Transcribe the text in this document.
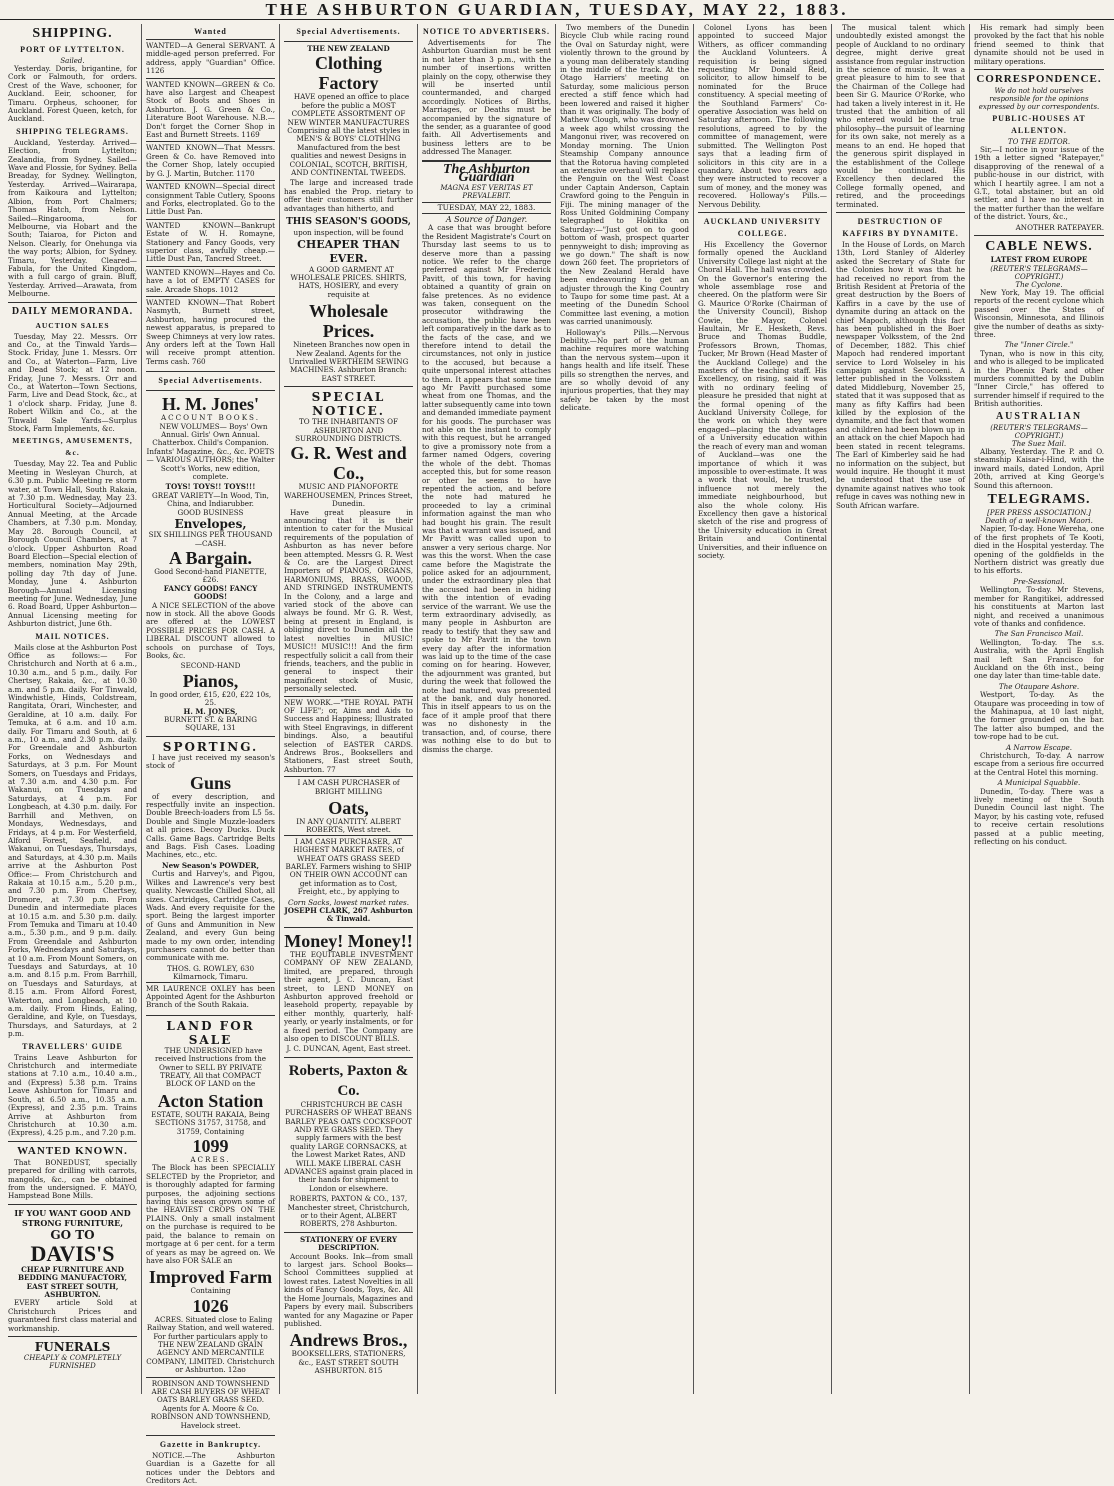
THE ASHBURTON GUARDIAN, TUESDAY, MAY 22, 1883.
SHIPPING.
PORT OF LYTTELTON.
Sailed.
Yesterday. Doris, brigantine, for Cork or Falmouth, for orders. Crest of the Wave, schooner, for Auckland. Eeir, schooner, for Timaru. Orpheus, schooner, for Auckland. Forest Queen, ketch, for Auckland.
SHIPPING TELEGRAMS.
Auckland, Yesterday. Arrived—Election, from Lyttelton; Zealandia, from Sydney. Sailed—Wave and Flossie, for Sydney. Bella Breaday, for Sydney. Wellington, Yesterday. Arrived—Wairarapa, from Kaikoura and Lyttelton; Albion, from Port Chalmers; Thomas Hatch, from Nelson. Sailed—Ringarooma, for Melbourne, via Hobart and the South; Taiaroa, for Picton and Nelson. Clearly, for Onehunga via the way ports; Albion, for Sydney. Timaru, Yesterday. Cleared—Fabula, for the United Kingdom, with a full cargo of grain. Bluff, Yesterday. Arrived—Arawata, from Melbourne.
DAILY MEMORANDA.
AUCTION SALES
Tuesday, May 22. Messrs. Orr and Co., at the Tinwald Yards—Stock. Friday, June 1. Messrs. Orr and Co., at Waterton—Farm, Live and Dead Stock; at 12 noon. Friday, June 7. Messrs. Orr and Co., at Waterton—Town Sections, Farm, Live and Dead Stock, &c., at 1 o'clock sharp. Friday, June 8. Robert Wilkin and Co., at the Tinwald Sale Yards—Surplus Stock, Farm Implements, &c.
MEETINGS, AMUSEMENTS, &c.
Tuesday, May 22. Tea and Public Meeting in Wesleyan Church, at 6.30 p.m. Public Meeting re storm water, at Town Hall, South Rakaia, at 7.30 p.m. Wednesday, May 23. Horticultural Society—Adjourned Annual Meeting, at the Arcade Chambers, at 7.30 p.m. Monday, May 28. Borough Council, at Borough Council Chambers, at 7 o'clock. Upper Ashburton Road Board Election—Special election of members, nomination May 29th, polling day 7th day of June. Monday, June 4. Ashburton Borough—Annual Licensing meeting for June. Wednesday, June 6. Road Board, Upper Ashburton—Annual Licensing meeting for Ashburton district, June 6th.
MAIL NOTICES.
Mails close at the Ashburton Post Office as follows:— For Christchurch and North at 6 a.m., 10.30 a.m., and 5 p.m., daily. For Chertsey, Rakaia, &c., at 10.30 a.m. and 5 p.m. daily. For Tinwald, Windwhistle, Hinds, Coldstream, Rangitata, Orari, Winchester, and Geraldine, at 10 a.m. daily. For Temuka, at 6 a.m. and 10 a.m. daily. For Timaru and South, at 6 a.m., 10 a.m., and 2.30 p.m. daily. For Greendale and Ashburton Forks, on Wednesdays and Saturdays, at 3 p.m. For Mount Somers, on Tuesdays and Fridays, at 7.30 a.m. and 4.30 p.m. For Wakanui, on Tuesdays and Saturdays, at 4 p.m. For Longbeach, at 4.30 p.m. daily. For Barrhill and Methven, on Mondays, Wednesdays, and Fridays, at 4 p.m. For Westerfield, Alford Forest, Seafield, and Wakanui, on Tuesdays, Thursdays, and Saturdays, at 4.30 p.m. Mails arrive at the Ashburton Post Office:— From Christchurch and Rakaia at 10.15 a.m., 5.20 p.m., and 7.30 p.m. From Chertsey, Dromore, at 7.30 p.m. From Dunedin and intermediate places at 10.15 a.m. and 5.30 p.m. daily. From Temuka and Timaru at 10.40 a.m., 5.30 p.m., and 9 p.m. daily. From Greendale and Ashburton Forks, Wednesdays and Saturdays, at 10 a.m. From Mount Somers, on Tuesdays and Saturdays, at 10 a.m. and 8.15 p.m. From Barrhill, on Tuesdays and Saturdays, at 8.15 a.m. From Alford Forest, Waterton, and Longbeach, at 10 a.m. daily. From Hinds, Ealing, Geraldine, and Kyle, on Tuesdays, Thursdays, and Saturdays, at 2 p.m.
TRAVELLERS' GUIDE
Trains Leave Ashburton for Christchurch and intermediate stations at 7.10 a.m., 10.40 a.m., and (Express) 5.38 p.m. Trains Leave Ashburton for Timaru and South, at 6.50 a.m., 10.35 a.m. (Express), and 2.35 p.m. Trains Arrive at Ashburton from Christchurch at 10.30 a.m. (Express), 4.25 p.m., and 7.20 p.m.
WANTED KNOWN.
That BONEDUST, specially prepared for drilling with carrots, mangolds, &c., can be obtained from the undersigned. F. MAYO, Hampstead Bone Mills.
IF YOU WANT GOOD AND STRONG FURNITURE,
GO TO
DAVIS'S
CHEAP FURNITURE AND BEDDING MANUFACTORY, EAST STREET SOUTH, ASHBURTON.
EVERY article Sold at Christchurch Prices and guaranteed first class material and workmanship.
FUNERALS
CHEAPLY & COMPLETELY FURNISHED
Wanted
WANTED—A General SERVANT. A middle-aged person preferred. For address, apply "Guardian" Office. 1126
WANTED KNOWN—GREEN & Co. have also Largest and Cheapest Stock of Boots and Shoes in Ashburton. J. G. Green & Co., Literature Boot Warehouse. N.B.—Don't forget the Corner Shop in East and Burnett Streets. 1169
WANTED KNOWN—That Messrs. Green & Co. have Removed into the Corner Shop, lately occupied by G. J. Martin, Butcher. 1170
WANTED KNOWN—Special direct consignment Table Cutlery, Spoons and Forks, electroplated. Go to the Little Dust Pan.
WANTED KNOWN—Bankrupt Estate of W. H. Romayne, Stationery and Fancy Goods, very superior class, awfully cheap.—Little Dust Pan, Tancred Street.
WANTED KNOWN—Hayes and Co. have a lot of EMPTY CASES for sale. Arcade Shops. 1012
WANTED KNOWN—That Robert Nasmyth, Burnett street, Ashburton, having procured the newest apparatus, is prepared to Sweep Chimneys at very low rates. Any orders left at the Town Hall will receive prompt attention. Terms cash. 760
Special Advertisements.
H. M. Jones'
ACCOUNT BOOKS.
NEW VOLUMES— Boys' Own Annual. Girls' Own Annual. Chatterbox. Child's Companion. Infants' Magazine, &c., &c. POETS— VARIOUS AUTHORS; the Walter Scott's Works, new edition, complete.
TOYS! TOYS!! TOYS!!!
GREAT VARIETY—In Wood, Tin, China, and Indiarubber.
GOOD BUSINESS
Envelopes,
SIX SHILLINGS PER THOUSAND—CASH.
A Bargain.
Good Second-hand PIANETTE, £26.
FANCY GOODS! FANCY GOODS!
A NICE SELECTION of the above now in stock. All the above Goods are offered at the LOWEST POSSIBLE PRICES FOR CASH. A LIBERAL DISCOUNT allowed to schools on purchase of Toys, Books, &c.
SECOND-HAND
Pianos,
In good order, £15, £20, £22 10s, 25.
H. M. JONES,
BURNETT ST. & BARING SQUARE, 131
SPORTING.
I have just received my season's stock of
Guns
of every description, and respectfully invite an inspection. Double Breech-loaders from L5 5s. Double and Single Muzzle-loaders at all prices. Decoy Ducks. Duck Calls. Game Bags. Cartridge Belts and Bags. Fish Cases. Loading Machines, etc., etc.
New Season's POWDER,
Curtis and Harvey's, and Pigou, Wilkes and Lawrence's very best quality. Newcastle Chilled Shot, all sizes. Cartridges, Cartridge Cases, Wads. And every requisite for the sport. Being the largest importer of Guns and Ammunition in New Zealand, and every Gun being made to my own order, intending purchasers cannot do better than communicate with me.
THOS. G. ROWLEY, 630 Kilmarnock, Timaru.
MR LAURENCE OXLEY has been Appointed Agent for the Ashburton Branch of the South Rakaia.
LAND FOR SALE
THE UNDERSIGNED have received Instructions from the Owner to SELL BY PRIVATE TREATY, All that COMPACT BLOCK OF LAND on the
Acton Station
ESTATE, SOUTH RAKAIA, Being SECTIONS 31757, 31758, and 31759, Containing
1099
ACRES.
The Block has been SPECIALLY SELECTED by the Proprietor, and is thoroughly adapted for farming purposes, the adjoining sections having this season grown some of the HEAVIEST CROPS ON THE PLAINS. Only a small instalment on the purchase is required to be paid, the balance to remain on mortgage at 6 per cent. for a term of years as may be agreed on. We have also FOR SALE an
Improved Farm
Containing
1026
ACRES. Situated close to Ealing Railway Station, and well watered. For further particulars apply to THE NEW ZEALAND GRAIN AGENCY AND MERCANTILE COMPANY, LIMITED. Christchurch or Ashburton. 12ao
ROBINSON AND TOWNSHEND ARE CASH BUYERS OF WHEAT OATS BARLEY GRASS SEED. Agents for A. Moore & Co. ROBINSON AND TOWNSHEND, Havelock street.
Gazette in Bankruptcy.
NOTICE.—The Ashburton Guardian is a Gazette for all notices under the Debtors and Creditors Act.
Special Advertisements.
THE NEW ZEALAND
Clothing Factory
HAVE opened an office to place before the public a MOST COMPLETE ASSORTMENT OF NEW WINTER MANUFACTURES Comprising all the latest styles in MEN'S & BOYS' CLOTHING Manufactured from the best qualities and newest Designs in COLONIAL, SCOTCH, BRITISH, AND CONTINENTAL TWEEDS.
The large and increased trade has enabled the Prop. rietary to offer their customers still further advantages than hitherto, and
THIS SEASON'S GOODS,
upon inspection, will be found
CHEAPER THAN EVER.
A GOOD GARMENT AT WHOLESALE PRICES. SHIRTS, HATS, HOSIERY, and every requisite at
Wholesale Prices.
Nineteen Branches now open in New Zealand. Agents for the Unrivalled WERTHEIM SEWING MACHINES. Ashburton Branch: EAST STREET.
SPECIAL NOTICE.
TO THE INHABITANTS OF ASHBURTON AND SURROUNDING DISTRICTS.
G. R. West and Co.,
MUSIC AND PIANOFORTE WAREHOUSEMEN, Princes Street, Dunedin.
Have great pleasure in announcing that it is their intention to cater for the Musical requirements of the population of Ashburton as has never before been attempted. Messrs G. R. West & Co. are the Largest Direct Importers of PIANOS, ORGANS, HARMONIUMS, BRASS, WOOD, AND STRINGED INSTRUMENTS In the Colony, and a large and varied stock of the above can always be found. Mr G. R. West, being at present in England, is obliging direct to Dunedin all the latest novelties in MUSIC! MUSIC!! MUSIC!!! And the firm respectfully solicit a call from their friends, teachers, and the public in general to inspect their magnificent stock of Music, personally selected.
NEW WORK.—"THE ROYAL PATH OF LIFE"; or, Aims and Aids to Success and Happiness; Illustrated with Steel Engravings, in different bindings. Also, a beautiful selection of EASTER CARDS. Andrews Bros., Booksellers and Stationers, East street South, Ashburton. 77
I AM CASH PURCHASER of BRIGHT MILLING
Oats,
IN ANY QUANTITY. ALBERT ROBERTS, West street.
I AM CASH PURCHASER, AT HIGHEST MARKET RATES, of WHEAT OATS GRASS SEED BARLEY. Farmers wishing to SHIP ON THEIR OWN ACCOUNT can get information as to Cost, Freight, etc., by applying to
Corn Sacks, lowest market rates.
JOSEPH CLARK, 267 Ashburton & Tinwald.
Money! Money!!
THE EQUITABLE INVESTMENT COMPANY OF NEW ZEALAND, limited, are prepared, through their agent, J. C. Duncan, East street, to LEND MONEY on Ashburton approved freehold or leasehold property, repayable by either monthly, quarterly, half-yearly, or yearly instalments, or for a fixed period. The Company are also open to DISCOUNT BILLS.
J. C. DUNCAN, Agent, East street.
Roberts, Paxton & Co.
CHRISTCHURCH BE CASH PURCHASERS OF WHEAT BEANS BARLEY PEAS OATS COCKSFOOT AND RYE GRASS SEED. They supply farmers with the best quality LARGE CORNSACKS, at the Lowest Market Rates, AND WILL MAKE LIBERAL CASH ADVANCES against grain placed in their hands for shipment to London or elsewhere.
ROBERTS, PAXTON & CO., 137, Manchester street, Christchurch, or to their Agent, ALBERT ROBERTS, 278 Ashburton.
STATIONERY OF EVERY DESCRIPTION.
Account Books. Ink—from small to largest jars. School Books—School Committees supplied at lowest rates. Latest Novelties in all kinds of Fancy Goods, Toys, &c. All the Home Journals, Magazines and Papers by every mail. Subscribers wanted for any Magazine or Paper published.
Andrews Bros.,
BOOKSELLERS, STATIONERS, &c., EAST STREET SOUTH ASHBURTON. 815
NOTICE TO ADVERTISERS.
Advertisements for The Ashburton Guardian must be sent in not later than 3 p.m., with the number of insertions written plainly on the copy, otherwise they will be inserted until countermanded, and charged accordingly. Notices of Births, Marriages, or Deaths must be accompanied by the signature of the sender, as a guarantee of good faith. All Advertisements and business letters are to be addressed The Manager.
The Ashburton Guardian
MAGNA EST VERITAS ET PREVALEBIT.
TUESDAY, MAY 22, 1883.
A Source of Danger.
A case that was brought before the Resident Magistrate's Court on Thursday last seems to us to deserve more than a passing notice. We refer to the charge preferred against Mr Frederick Pavitt, of this town, for having obtained a quantity of grain on false pretences. As no evidence was taken, consequent on the prosecutor withdrawing the accusation, the public have been left comparatively in the dark as to the facts of the case, and we therefore intend to detail the circumstances, not only in justice to the accused, but because a quite unpersonal interest attaches to them. It appears that some time ago Mr Pavitt purchased some wheat from one Thomas, and the latter subsequently came into town and demanded immediate payment for his goods. The purchaser was not able on the instant to comply with this request, but he arranged to give a promissory note from a farmer named Odgers, covering the whole of the debt. Thomas accepted this, but for some reason or other he seems to have repented the action, and before the note had matured he proceeded to lay a criminal information against the man who had bought his grain. The result was that a warrant was issued, and Mr Pavitt was called upon to answer a very serious charge. Nor was this the worst. When the case came before the Magistrate the police asked for an adjournment, under the extraordinary plea that the accused had been in hiding with the intention of evading service of the warrant. We use the term extraordinary advisedly, as many people in Ashburton are ready to testify that they saw and spoke to Mr Pavitt in the town every day after the information was laid up to the time of the case coming on for hearing. However, the adjournment was granted, but during the week that followed the note had matured, was presented at the bank, and duly honored. This in itself appears to us on the face of it ample proof that there was no dishonesty in the transaction, and, of course, there was nothing else to do but to dismiss the charge.
Two members of the Dunedin Bicycle Club while racing round the Oval on Saturday night, were violently thrown to the ground by a young man deliberately standing in the middle of the track. At the Otago Harriers' meeting on Saturday, some malicious person erected a stiff fence which had been lowered and raised it higher than it was originally. The body of Mathew Clough, who was drowned a week ago whilst crossing the Mangonui river, was recovered on Monday morning. The Union Steamship Company announce that the Rotorua having completed an extensive overhaul will replace the Penguin on the West Coast under Captain Anderson, Captain Crawford going to the Penguin in Fiji. The mining manager of the Ross United Goldmining Company telegraphed to Hokitika on Saturday:—"Just got on to good bottom of wash, prospect quarter pennyweight to dish; improving as we go down." The shaft is now down 260 feet. The proprietors of the New Zealand Herald have been endeavouring to get an adjuster through the King Country to Taupo for some time past. At a meeting of the Dunedin School Committee last evening, a motion was carried unanimously.
Holloway's Pills.—Nervous Debility.—No part of the human machine requires more watching than the nervous system—upon it hangs health and life itself. These pills so strengthen the nerves, and are so wholly devoid of any injurious properties, that they may safely be taken by the most delicate.
Colonel Lyons has been appointed to succeed Major Withers, as officer commanding the Auckland Volunteers. A requisition is being signed requesting Mr Donald Reid, solicitor, to allow himself to be nominated for the Bruce constituency. A special meeting of the Southland Farmers' Co-operative Association was held on Saturday afternoon. The following resolutions, agreed to by the committee of management, were submitted. The Wellington Post says that a leading firm of solicitors in this city are in a quandary. About two years ago they were instructed to recover a sum of money, and the money was recovered. Holloway's Pills.—Nervous Debility.
AUCKLAND UNIVERSITY COLLEGE.
His Excellency the Governor formally opened the Auckland University College last night at the Choral Hall. The hall was crowded. On the Governor's entering the whole assemblage rose and cheered. On the platform were Sir G. Maurice O'Rorke (Chairman of the University Council), Bishop Cowie, the Mayor, Colonel Haultain, Mr E. Hesketh, Revs. Bruce and Thomas Buddle, Professors Brown, Thomas, Tucker, Mr Brown (Head Master of the Auckland College) and the masters of the teaching staff. His Excellency, on rising, said it was with no ordinary feeling of pleasure he presided that night at the formal opening of the Auckland University College, for the work on which they were engaged—placing the advantages of a University education within the reach of every man and woman of Auckland—was one the importance of which it was impossible to over-estimate. It was a work that would, he trusted, influence not merely the immediate neighbourhood, but also the whole colony. His Excellency then gave a historical sketch of the rise and progress of the University education in Great Britain and Continental Universities, and their influence on society.
The musical talent which undoubtedly existed amongst the people of Auckland to no ordinary degree, might derive great assistance from regular instruction in the science of music. It was a great pleasure to him to see that the Chairman of the College had been Sir G. Maurice O'Rorke, who had taken a lively interest in it. He trusted that the ambition of all who entered would be the true philosophy—the pursuit of learning for its own sake, not merely as a means to an end. He hoped that the generous spirit displayed in the establishment of the College would be continued. His Excellency then declared the College formally opened, and retired, and the proceedings terminated.
DESTRUCTION OF KAFFIRS BY DYNAMITE.
In the House of Lords, on March 13th, Lord Stanley of Alderley asked the Secretary of State for the Colonies how it was that he had received no report from the British Resident at Pretoria of the great destruction by the Boers of Kaffirs in a cave by the use of dynamite during an attack on the chief Mapoch, although this fact has been published in the Boer newspaper Volksstem, of the 2nd of December, 1882. This chief Mapoch had rendered important service to Lord Wolseley in his campaign against Secocoeni. A letter published in the Volksstem dated Middleburg, November 25, stated that it was supposed that as many as fifty Kaffirs had been killed by the explosion of the dynamite, and the fact that women and children had been blown up in an attack on the chief Mapoch had been stated in recent telegrams. The Earl of Kimberley said he had no information on the subject, but would inquire. He thought it must be understood that the use of dynamite against natives who took refuge in caves was nothing new in South African warfare.
His remark had simply been provoked by the fact that his noble friend seemed to think that dynamite should not be used in military operations.
CORRESPONDENCE.
We do not hold ourselves responsible for the opinions expressed by our correspondents.
PUBLIC-HOUSES AT ALLENTON.
TO THE EDITOR.
Sir,—I notice in your issue of the 19th a letter signed "Ratepayer," disapproving of the renewal of a public-house in our district, with which I heartily agree. I am not a G.T., total abstainer, but an old settler, and I have no interest in the matter further than the welfare of the district. Yours, &c.,
ANOTHER RATEPAYER.
CABLE NEWS.
LATEST FROM EUROPE
(REUTER'S TELEGRAMS—COPYRIGHT.)
The Cyclone.
New York, May 19. The official reports of the recent cyclone which passed over the States of Wisconsin, Minnesota, and Illinois give the number of deaths as sixty-three.
The "Inner Circle."
Tynan, who is now in this city, and who is alleged to be implicated in the Phoenix Park and other murders committed by the Dublin "Inner Circle," has offered to surrender himself if required to the British authorities.
AUSTRALIAN
(REUTER'S TELEGRAMS—COPYRIGHT.)
The Suez Mail.
Albany, Yesterday. The P. and O. steamship Kaisar-i-Hind, with the inward mails, dated London, April 20th, arrived at King George's Sound this afternoon.
TELEGRAMS.
[PER PRESS ASSOCIATION.]
Death of a well-known Maori.
Napier, To-day. Hone Wereha, one of the first prophets of Te Kooti, died in the Hospital yesterday. The opening of the goldfields in the Northern district was greatly due to his efforts.
Pre-Sessional.
Wellington, To-day. Mr Stevens, member for Rangitikei, addressed his constituents at Marton last night, and received a unanimous vote of thanks and confidence.
The San Francisco Mail.
Wellington, To-day. The s.s. Australia, with the April English mail left San Francisco for Auckland on the 6th inst., being one day later than time-table date.
The Otaupare Ashore.
Westport, To-day. As the Otaupare was proceeding in tow of the Mahinapua, at 10 last night, the former grounded on the bar. The latter also bumped, and the tow-rope had to be cut.
A Narrow Escape.
Christchurch, To-day. A narrow escape from a serious fire occurred at the Central Hotel this morning.
A Municipal Squabble.
Dunedin, To-day. There was a lively meeting of the South Dunedin Council last night. The Mayor, by his casting vote, refused to receive certain resolutions passed at a public meeting, reflecting on his conduct.
